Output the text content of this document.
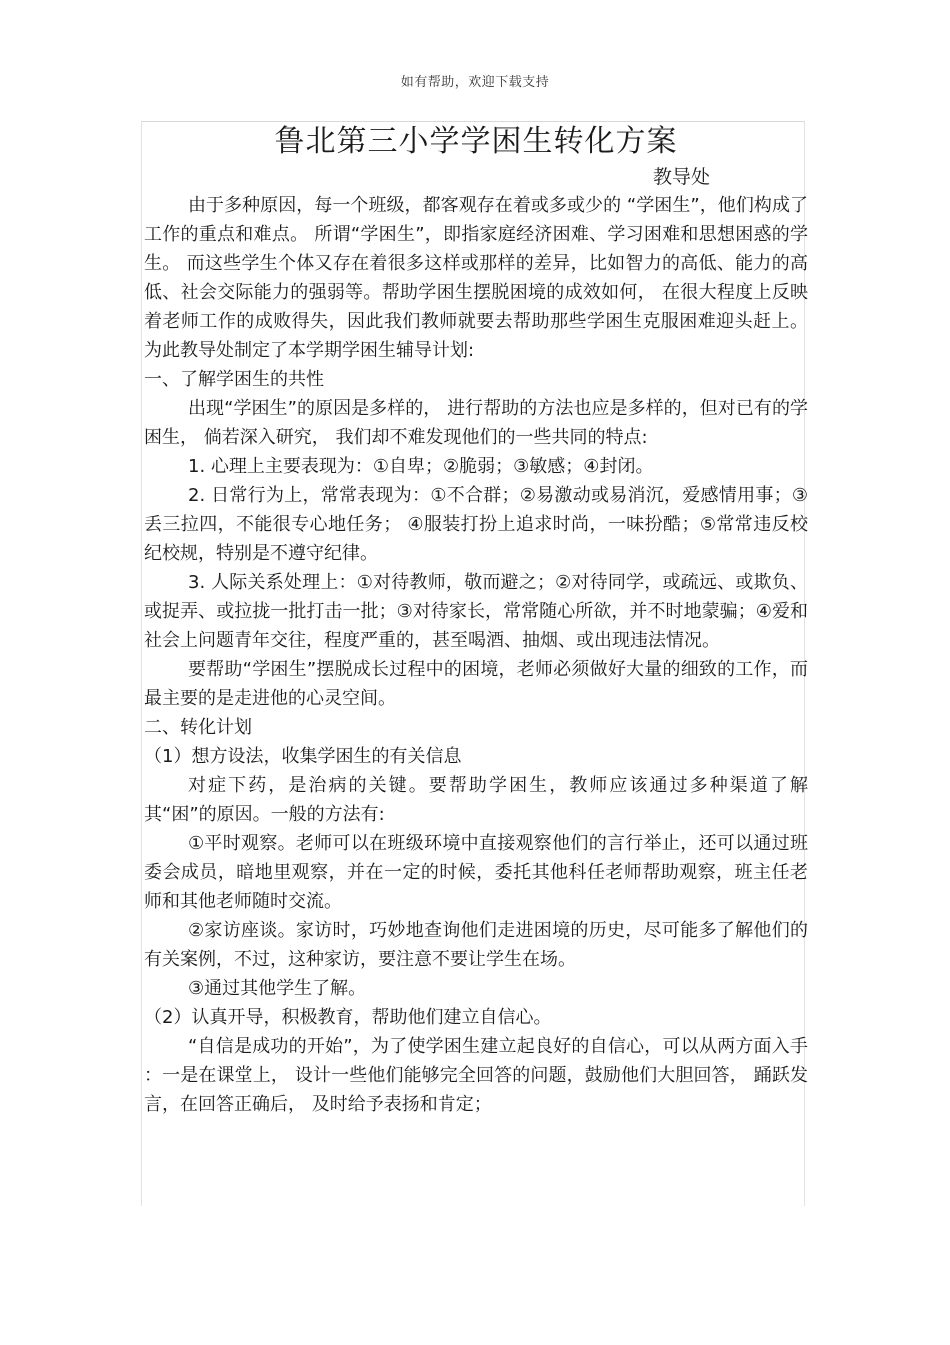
如有帮助，欢迎下载支持
鲁北第三小学学困生转化方案
教导处

由于多种原因，每一个班级，都客观存在着或多或少的 “学困生”，他们构成了工作的重点和难点。 所谓“学困生”，即指家庭经济困难、学习困难和思想困惑的学生。 而这些学生个体又存在着很多这样或那样的差异，比如智力的高低、能力的高低、社会交际能力的强弱等。帮助学困生摆脱困境的成效如何， 在很大程度上反映着老师工作的成败得失，因此我们教师就要去帮助那些学困生克服困难迎头赶上。 为此教导处制定了本学期学困生辅导计划:

一、了解学困生的共性

出现“学困生”的原因是多样的， 进行帮助的方法也应是多样的，但对已有的学困生， 倘若深入研究， 我们却不难发现他们的一些共同的特点:

1. 心理上主要表现为：①自卑；②脆弱；③敏感；④封闭。

2. 日常行为上，常常表现为：①不合群；②易激动或易消沉，爱感情用事；③丢三拉四，不能很专心地任务； ④服装打扮上追求时尚，一味扮酷；⑤常常违反校纪校规，特别是不遵守纪律。

3. 人际关系处理上：①对待教师，敬而避之；②对待同学，或疏远、或欺负、或捉弄、或拉拢一批打击一批；③对待家长，常常随心所欲，并不时地蒙骗；④爱和社会上问题青年交往，程度严重的，甚至喝酒、抽烟、或出现违法情况。

要帮助“学困生”摆脱成长过程中的困境，老师必须做好大量的细致的工作，而最主要的是走进他的心灵空间。

二、转化计划

（1）想方设法，收集学困生的有关信息

对症下药，是治病的关键。要帮助学困生，教师应该通过多种渠道了解其“困”的原因。一般的方法有:

①平时观察。老师可以在班级环境中直接观察他们的言行举止，还可以通过班委会成员，暗地里观察，并在一定的时候，委托其他科任老师帮助观察，班主任老师和其他老师随时交流。

②家访座谈。家访时，巧妙地查询他们走进困境的历史，尽可能多了解他们的有关案例，不过，这种家访，要注意不要让学生在场。

③通过其他学生了解。

（2）认真开导，积极教育，帮助他们建立自信心。

“自信是成功的开始”，为了使学困生建立起良好的自信心，可以从两方面入手 ：一是在课堂上， 设计一些他们能够完全回答的问题，鼓励他们大胆回答， 踊跃发言，在回答正确后， 及时给予表扬和肯定；
